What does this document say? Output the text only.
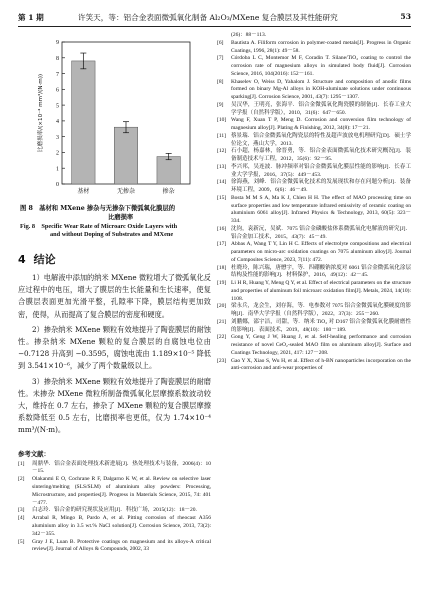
第 1 期	许笑天，等：铝合金表面微弧氧化制备 Al₂O₃/MXene 复合膜层及其性能研究	53
0
1
2
3
4
5
6
7
8
9
基材	无掺杂	掺杂
比磨损率/(×10⁻⁴ mm³/(N·m))
图 8　基材和 MXene 掺杂与无掺杂下微弧氧化膜层的
比磨损率
Fig. 8　Specific Wear Rate of Microarc Oxide Layers with
and without Doping of Substrates and MXene
4 结论

1）电解液中添加的纳米 MXene 微粒增大了微弧氧化反应过程中的电压，增大了膜层的生长能量和生长速率，使复合膜层表面更加光滑平整，孔隙率下降，膜层结构更加致密，使得，从而提高了复合膜层的密度和硬度。

2）掺杂纳米 MXene 颗粒有效地提升了陶瓷膜层的耐蚀性。掺杂纳米 MXene 颗粒的复合膜层的自腐蚀电位由 −0.7128 升高到 −0.3595，腐蚀电流由 1.189×10⁻⁵ 降低到 3.541×10⁻⁶，减少了两个数量级以上。

3）掺杂纳米 MXene 颗粒有效地提升了陶瓷膜层的耐磨性。未掺杂 MXene 微粒所制备微弧氧化层摩擦系数波动较大，维持在 0.7 左右，掺杂了 MXene 颗粒的复合膜层摩擦系数降低至 0.5 左右，比磨损率也更低，仅为 1.74×10⁻⁴ mm³/(N·m)。

参考文献：
[1]	周鼎华．铝合金表面处理技术新进展[J]．热处理技术与装备，2006(4)：10－15.
[2]	Olakanmi E O, Cochrane R F, Dalgarno K W, et al. Review on selective laser sintering/melting (SLS/SLM) of aluminium alloy powders: Processing, Microstructure, and properties[J]. Progress in Materials Science, 2015, 74: 401－477.
[3]	白志玲．铝合金的研究现状及应用[J]．科技广场，2015(12)：18－20.
[4]	Arrabal R, Mingo B, Pardo A, et al. Pitting corrosion of rheocast A356 aluminium alloy in 3.5 wt.% NaCl solution[J]. Corrosion Science, 2013, 73(2): 342－355.
[5]	Gray J E, Luan B. Protective coatings on magnesium and its alloys-A critical review[J]. Journal of Alloys & Compounds, 2002, 33
(26)：88－113.
[6]	Bautista A. Filiform corrosion in polymer-coated metals[J]. Progress in Organic Coatings, 1996, 28(1): 49－58.
[7]	Córdoba L C, Montemor M F, Coradin T. Silane/TiO₂ coating to control the corrosion rate of magnesium alloys in simulated body fluid[J]. Corrosion Science, 2016, 104(2016): 152－161.
[8]	Khaselev O, Weiss D, Yahalom J. Structure and composition of anodic films formed on binary Mg-Al alloys in KOH-aluminate solutions under continuous sparking[J]. Corrosion Science, 2001, 43(7): 1295－1307.
[9]	吴汉华，王明亮，张海平．铝合金微弧氧化陶瓷膜的制备[J]．长春工业大学学报（自然科学版），2010，31(6)：647－650.
[10] Wang F, Xuan T P, Meng D. Corrosion and conversion film technology of magnesium alloy[J]. Plating & Finishing, 2012, 34(8): 17－21.
[11] 蔡景瑞．铝合金微弧氧化陶瓷层的特性及超声波放电机理研究[D]．硕士学位论文，燕山大学，2013.
[12] 石小超，杨嘉林，徐晋勇，等．铝合金表面微弧氧化技术研究概况[J]．装备制造技术与工程，2012，35(6)：92－95.
[13] 李兴邦，吴连波．脉冲频率对铝合金微弧氧化膜层性能的影响[J]．长春工业大学学报，2016，37(5)：449－453.
[14] 徐海燕，刘峰．铝合金微弧氧化技术的发展现状和存在问题分析[J]．装备环境工程，2009，6(6)：46－49.
[15] Bosta M M S A, Ma K J, Chien H H. The effect of MAO processing time on surface properties and low temperature infrared emissivity of ceramic coating on aluminium 6061 alloy[J]. Infrared Physics & Technology, 2013, 60(5): 323－334.
[16] 沈钧，袁新沅，吴斌．7075 铝合金磷酸盐体系微弧氧化电解液的研究[J]．铝合金加工技术，2015，43(7)：45－49.
[17] Abbas A, Wang T Y, Lin H C. Effects of electrolyte compositions and electrical parameters on micro-arc oxidation coatings on 7075 aluminum alloy[J]. Journal of Composites Science, 2023, 7(11): 472.
[18] 杜晓玲，陈兴瑞，唐懋宇，等．四硼酸钠浓度对 6061 铝合金微弧氧化涂层结构及性能的影响[J]．材料保护，2016，49(12)：42－45.
[19] Li H R, Huang Y, Meng Q Y, et al. Effect of electrical parameters on the structure and properties of aluminum foil microarc oxidation film[J]. Metals, 2024, 14(10): 1108.
[20] 梁永兵，龙会生，刘存海，等．电参数对 7075 铝合金微弧氧化膜硬度的影响[J]．南华大学学报（自然科学版），2022，37(3)：255－260.
[21] 刘鹏娜，邵宇洁，司甜，等．纳米 TiO₂ 对 D167 铝合金微弧氧化膜耐磨性的影响[J]．表面技术，2019，48(10)：180－189.
[22] Gong Y, Geng J W, Huang J, et al. Self-healing performance and corrosion resistance of novel CeO₂-sealed MAO film on aluminum alloy[J]. Surface and Coatings Technology, 2021, 417: 127－208.
[23] Gao Y X, Xiao S, Wu H, et al. Effect of h-BN nanoparticles incorporation on the anti-corrosion and anti-wear properties of
